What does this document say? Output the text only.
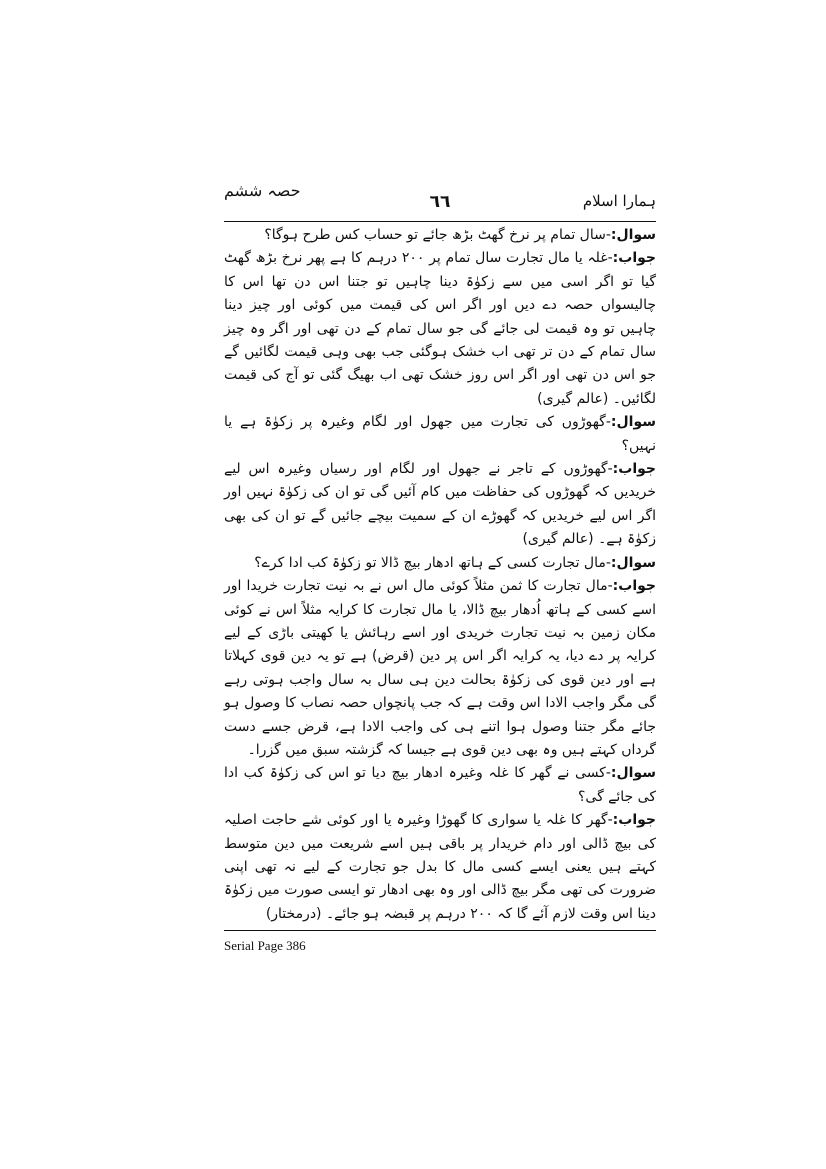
ہمارا اسلام
٦٦
حصہ ششم

سوال:-سال تمام پر نرخ گھٹ بڑھ جائے تو حساب کس طرح ہوگا؟

جواب:-غلہ یا مال تجارت سال تمام پر ۲۰۰ درہم کا ہے پھر نرخ بڑھ گھٹ گیا تو اگر اسی میں سے زکوٰۃ دینا چاہیں تو جتنا اس دن تھا اس کا چالیسواں حصہ دے دیں اور اگر اس کی قیمت میں کوئی اور چیز دینا چاہیں تو وہ قیمت لی جائے گی جو سال تمام کے دن تھی اور اگر وہ چیز سال تمام کے دن تر تھی اب خشک ہوگئی جب بھی وہی قیمت لگائیں گے جو اس دن تھی اور اگر اس روز خشک تھی اب بھیگ گئی تو آج کی قیمت لگائیں۔ (عالم گیری)

سوال:-گھوڑوں کی تجارت میں جھول اور لگام وغیرہ پر زکوٰۃ ہے یا نہیں؟

جواب:-گھوڑوں کے تاجر نے جھول اور لگام اور رسیاں وغیرہ اس لیے خریدیں کہ گھوڑوں کی حفاظت میں کام آئیں گی تو ان کی زکوٰۃ نہیں اور اگر اس لیے خریدیں کہ گھوڑے ان کے سمیت بیچے جائیں گے تو ان کی بھی زکوٰۃ ہے۔ (عالم گیری)

سوال:-مال تجارت کسی کے ہاتھ ادھار بیچ ڈالا تو زکوٰۃ کب ادا کرے؟

جواب:-مال تجارت کا ثمن مثلاً کوئی مال اس نے بہ نیت تجارت خریدا اور اسے کسی کے ہاتھ اُدھار بیچ ڈالا، یا مال تجارت کا کرایہ مثلاً اس نے کوئی مکان زمین بہ نیت تجارت خریدی اور اسے رہائش یا کھیتی باڑی کے لیے کرایہ پر دے دیا، یہ کرایہ اگر اس پر دین (قرض) ہے تو یہ دین قوی کہلاتا ہے اور دین قوی کی زکوٰۃ بحالت دین ہی سال بہ سال واجب ہوتی رہے گی مگر واجب الادا اس وقت ہے کہ جب پانچواں حصہ نصاب کا وصول ہو جائے مگر جتنا وصول ہوا اتنے ہی کی واجب الادا ہے، قرض جسے دست گرداں کہتے ہیں وہ بھی دین قوی ہے جیسا کہ گزشتہ سبق میں گزرا۔

سوال:-کسی نے گھر کا غلہ وغیرہ ادھار بیچ دیا تو اس کی زکوٰۃ کب ادا کی جائے گی؟

جواب:-گھر کا غلہ یا سواری کا گھوڑا وغیرہ یا اور کوئی شے حاجت اصلیہ کی بیچ ڈالی اور دام خریدار پر باقی ہیں اسے شریعت میں دین متوسط کہتے ہیں یعنی ایسے کسی مال کا بدل جو تجارت کے لیے نہ تھی اپنی ضرورت کی تھی مگر بیچ ڈالی اور وہ بھی ادھار تو ایسی صورت میں زکوٰۃ دینا اس وقت لازم آئے گا کہ ۲۰۰ درہم پر قبضہ ہو جائے۔ (درمختار)

Serial Page 386
